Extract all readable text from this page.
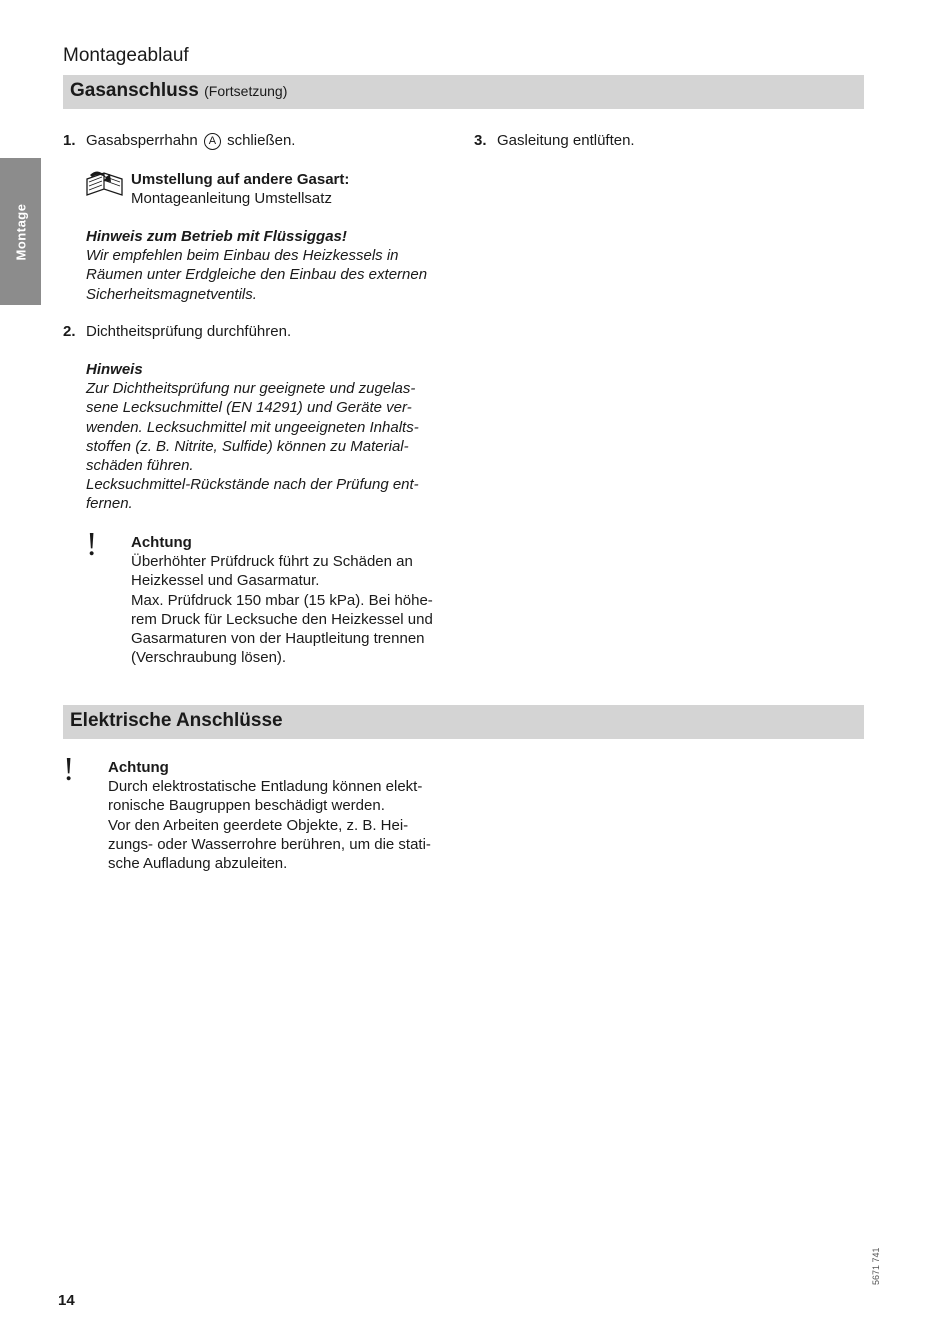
Montage
Montageablauf
Gasanschluss (Fortsetzung)
1. Gasabsperrhahn A schließen.	3. Gasleitung entlüften.
Umstellung auf andere Gasart:
Montageanleitung Umstellsatz
Hinweis zum Betrieb mit Flüssiggas!
Wir empfehlen beim Einbau des Heizkessels in
Räumen unter Erdgleiche den Einbau des externen
Sicherheitsmagnetventils.
2. Dichtheitsprüfung durchführen.
Hinweis
Zur Dichtheitsprüfung nur geeignete und zugelas-
sene Lecksuchmittel (EN 14291) und Geräte ver-
wenden. Lecksuchmittel mit ungeeigneten Inhalts-
stoffen (z. B. Nitrite, Sulfide) können zu Material-
schäden führen.
Lecksuchmittel-Rückstände nach der Prüfung ent-
fernen.
! Achtung
Überhöhter Prüfdruck führt zu Schäden an
Heizkessel und Gasarmatur.
Max. Prüfdruck 150 mbar (15 kPa). Bei höhe-
rem Druck für Lecksuche den Heizkessel und
Gasarmaturen von der Hauptleitung trennen
(Verschraubung lösen).
Elektrische Anschlüsse
! Achtung
Durch elektrostatische Entladung können elekt-
ronische Baugruppen beschädigt werden.
Vor den Arbeiten geerdete Objekte, z. B. Hei-
zungs- oder Wasserrohre berühren, um die stati-
sche Aufladung abzuleiten.
5671 741
14
